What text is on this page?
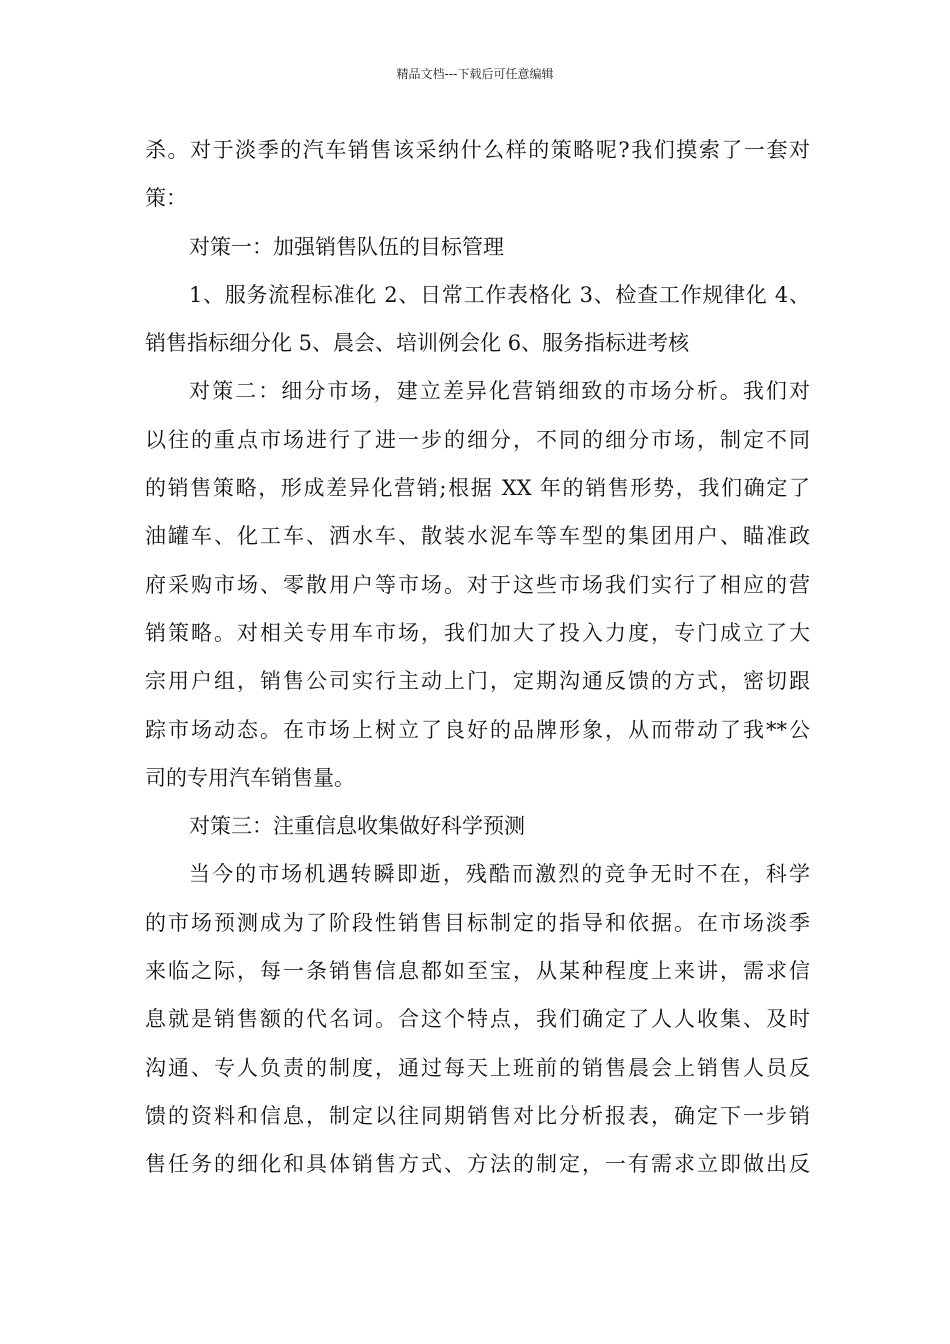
精品文档---下载后可任意编辑
杀。对于淡季的汽车销售该采纳什么样的策略呢?我们摸索了一套对
策：
对策一：加强销售队伍的目标管理
1、服务流程标准化 2、日常工作表格化 3、检查工作规律化 4、
销售指标细分化 5、晨会、培训例会化 6、服务指标进考核
对策二：细分市场，建立差异化营销细致的市场分析。我们对
以往的重点市场进行了进一步的细分，不同的细分市场，制定不同
的销售策略，形成差异化营销;根据 XX 年的销售形势，我们确定了
油罐车、化工车、洒水车、散装水泥车等车型的集团用户、瞄准政
府采购市场、零散用户等市场。对于这些市场我们实行了相应的营
销策略。对相关专用车市场，我们加大了投入力度，专门成立了大
宗用户组，销售公司实行主动上门，定期沟通反馈的方式，密切跟
踪市场动态。在市场上树立了良好的品牌形象，从而带动了我**公
司的专用汽车销售量。
对策三：注重信息收集做好科学预测
当今的市场机遇转瞬即逝，残酷而激烈的竞争无时不在，科学
的市场预测成为了阶段性销售目标制定的指导和依据。在市场淡季
来临之际，每一条销售信息都如至宝，从某种程度上来讲，需求信
息就是销售额的代名词。合这个特点，我们确定了人人收集、及时
沟通、专人负责的制度，通过每天上班前的销售晨会上销售人员反
馈的资料和信息，制定以往同期销售对比分析报表，确定下一步销
售任务的细化和具体销售方式、方法的制定，一有需求立即做出反
